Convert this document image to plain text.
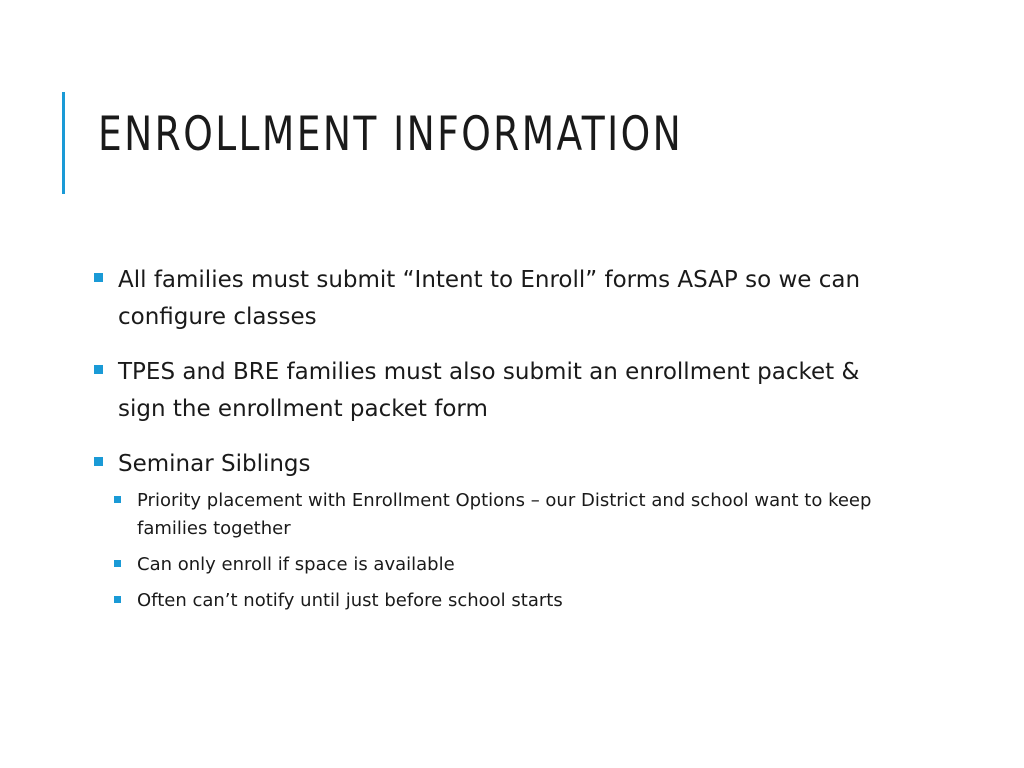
ENROLLMENT INFORMATION
All families must submit “Intent to Enroll” forms ASAP so we can configure classes
TPES and BRE families must also submit an enrollment packet & sign the enrollment packet form
Seminar Siblings
Priority placement with Enrollment Options – our District and school want to keep families together
Can only enroll if space is available
Often can’t notify until just before school starts
